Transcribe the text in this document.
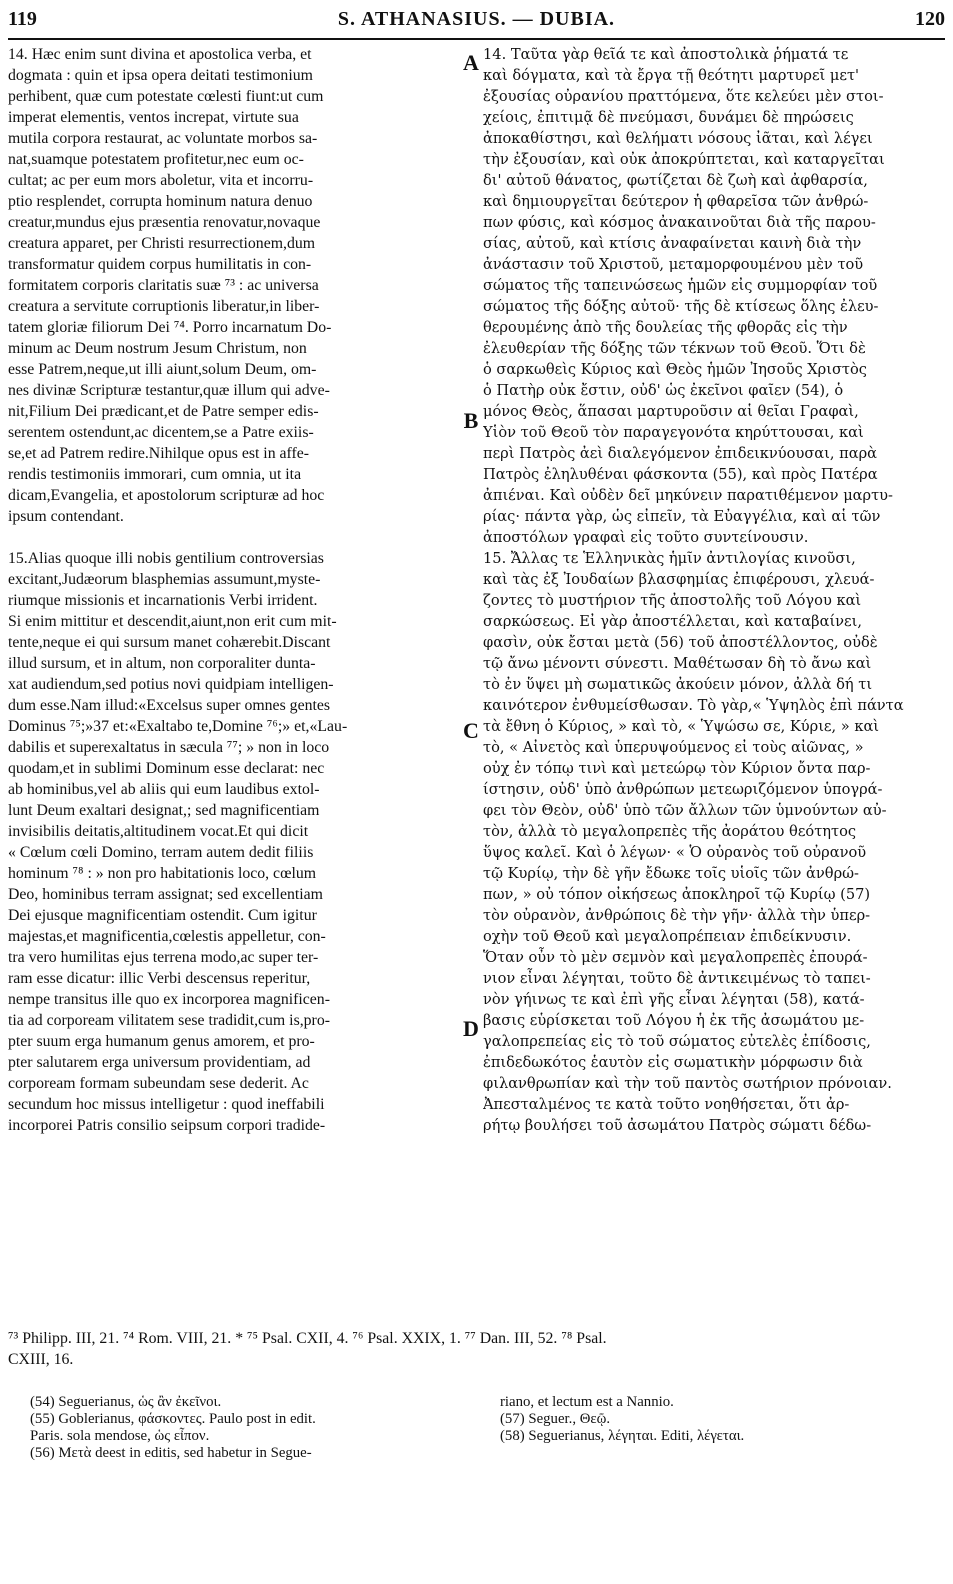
119	S. ATHANASIUS. — DUBIA.	120
14. Hæc enim sunt divina et apostolica verba, et
dogmata : quin et ipsa opera deitati testimonium
perhibent, quæ cum potestate cœlesti fiunt:ut cum
imperat elementis, ventos increpat, virtute sua
mutila corpora restaurat, ac voluntate morbos sa-
nat,suamque potestatem profitetur,nec eum oc-
cultat; ac per eum mors aboletur, vita et incorru-
ptio resplendet, corrupta hominum natura denuo
creatur,mundus ejus præsentia renovatur,novaque
creatura apparet, per Christi resurrectionem,dum
transformatur quidem corpus humilitatis in con-
formitatem corporis claritatis suæ ⁷³ : ac universa
creatura a servitute corruptionis liberatur,in liber-
tatem gloriæ filiorum Dei ⁷⁴. Porro incarnatum Do-
minum ac Deum nostrum Jesum Christum, non
esse Patrem,neque,ut illi aiunt,solum Deum, om-
nes divinæ Scripturæ testantur,quæ illum qui adve-
nit,Filium Dei prædicant,et de Patre semper edis-
serentem ostendunt,ac dicentem,se a Patre exiis-
se,et ad Patrem redire.Nihilque opus est in affe-
rendis testimoniis immorari, cum omnia, ut ita
dicam,Evangelia, et apostolorum scripturæ ad hoc
ipsum contendant.
15.Alias quoque illi nobis gentilium controversias
excitant,Judæorum blasphemias assumunt,myste-
riumque missionis et incarnationis Verbi irrident.
Si enim mittitur et descendit,aiunt,non erit cum mit-
tente,neque ei qui sursum manet cohærebit.Discant
illud sursum, et in altum, non corporaliter dunta-
xat audiendum,sed potius novi quidpiam intelligen-
dum esse.Nam illud:«Excelsus super omnes gentes
Dominus ⁷⁵;»37 et:«Exaltabo te,Domine ⁷⁶;» et,«Lau-
dabilis et superexaltatus in sæcula ⁷⁷; » non in loco
quodam,et in sublimi Dominum esse declarat: nec
ab hominibus,vel ab aliis qui eum laudibus extol-
lunt Deum exaltari designat,; sed magnificentiam
invisibilis deitatis,altitudinem vocat.Et qui dicit
« Cœlum cœli Domino, terram autem dedit filiis
hominum ⁷⁸ : » non pro habitationis loco, cœlum
Deo, hominibus terram assignat; sed excellentiam
Dei ejusque magnificentiam ostendit. Cum igitur
majestas,et magnificentia,cœlestis appelletur, con-
tra vero humilitas ejus terrena modo,ac super ter-
ram esse dicatur: illic Verbi descensus reperitur,
nempe transitus ille quo ex incorporea magnificen-
tia ad corpoream vilitatem sese tradidit,cum is,pro-
pter suum erga humanum genus amorem, et pro-
pter salutarem erga universum providentiam, ad
corpoream formam subeundam sese dederit. Ac
secundum hoc missus intelligetur : quod ineffabili
incorporei Patris consilio seipsum corpori tradide-
14. Ταῦτα γὰρ θεῖά τε καὶ ἀποστολικὰ ῥήματά τε
καὶ δόγματα, καὶ τὰ ἔργα τῇ θεότητι μαρτυρεῖ μετ'
ἐξουσίας οὐρανίου πραττόμενα, ὅτε κελεύει μὲν στοι-
χείοις, ἐπιτιμᾷ δὲ πνεύμασι, δυνάμει δὲ πηρώσεις
ἀποκαθίστησι, καὶ θελήματι νόσους ἰᾶται, καὶ λέγει
τὴν ἐξουσίαν, καὶ οὐκ ἀποκρύπτεται, καὶ καταργεῖται
δι' αὐτοῦ θάνατος, φωτίζεται δὲ ζωὴ καὶ ἀφθαρσία,
καὶ δημιουργεῖται δεύτερον ἡ φθαρεῖσα τῶν ἀνθρώ-
πων φύσις, καὶ κόσμος ἀνακαινοῦται διὰ τῆς παρου-
σίας, αὐτοῦ, καὶ κτίσις ἀναφαίνεται καινὴ διὰ τὴν
ἀνάστασιν τοῦ Χριστοῦ, μεταμορφουμένου μὲν τοῦ
σώματος τῆς ταπεινώσεως ἡμῶν εἰς συμμορφίαν τοῦ
σώματος τῆς δόξης αὐτοῦ· τῆς δὲ κτίσεως ὅλης ἐλευ-
θερουμένης ἀπὸ τῆς δουλείας τῆς φθορᾶς εἰς τὴν
ἐλευθερίαν τῆς δόξης τῶν τέκνων τοῦ Θεοῦ. Ὅτι δὲ
ὁ σαρκωθεὶς Κύριος καὶ Θεὸς ἡμῶν Ἰησοῦς Χριστὸς
ὁ Πατὴρ οὐκ ἔστιν, οὐδ' ὡς ἐκεῖνοι φαῖεν (54), ὁ
μόνος Θεὸς, ἅπασαι μαρτυροῦσιν αἱ θεῖαι Γραφαὶ,
Υἱὸν τοῦ Θεοῦ τὸν παραγεγονότα κηρύττουσαι, καὶ
περὶ Πατρὸς ἀεὶ διαλεγόμενον ἐπιδεικνύουσαι, παρὰ
Πατρὸς ἐληλυθέναι φάσκοντα (55), καὶ πρὸς Πατέρα
ἀπιέναι. Καὶ οὐδὲν δεῖ μηκύνειν παρατιθέμενον μαρτυ-
ρίας· πάντα γὰρ, ὡς εἰπεῖν, τὰ Εὐαγγέλια, καὶ αἱ τῶν
ἀποστόλων γραφαὶ εἰς τοῦτο συντείνουσιν.
15. Ἄλλας τε Ἑλληνικὰς ἡμῖν ἀντιλογίας κινοῦσι,
καὶ τὰς ἐξ Ἰουδαίων βλασφημίας ἐπιφέρουσι, χλευά-
ζοντες τὸ μυστήριον τῆς ἀποστολῆς τοῦ Λόγου καὶ
σαρκώσεως. Εἰ γὰρ ἀποστέλλεται, καὶ καταβαίνει,
φασὶν, οὐκ ἔσται μετὰ (56) τοῦ ἀποστέλλοντος, οὐδὲ
τῷ ἄνω μένοντι σύνεστι. Μαθέτωσαν δὴ τὸ ἄνω καὶ
τὸ ἐν ὕψει μὴ σωματικῶς ἀκούειν μόνον, ἀλλὰ δή τι
καινότερον ἐνθυμείσθωσαν. Τὸ γὰρ,« Ὑψηλὸς ἐπὶ πάντα
τὰ ἔθνη ὁ Κύριος, » καὶ τὸ, « Ὑψώσω σε, Κύριε, » καὶ
τὸ, « Αἰνετὸς καὶ ὑπερυψούμενος εἰ τοὺς αἰῶνας, »
οὐχ ἐν τόπῳ τινὶ καὶ μετεώρῳ τὸν Κύριον ὄντα παρ-
ίστησιν, οὐδ' ὑπὸ ἀνθρώπων μετεωριζόμενον ὑπογρά-
φει τὸν Θεὸν, οὐδ' ὑπὸ τῶν ἄλλων τῶν ὑμνούντων αὐ-
τὸν, ἀλλὰ τὸ μεγαλοπρεπὲς τῆς ἀοράτου θεότητος
ὕψος καλεῖ. Καὶ ὁ λέγων· « Ὁ οὐρανὸς τοῦ οὐρανοῦ
τῷ Κυρίῳ, τὴν δὲ γῆν ἔδωκε τοῖς υἱοῖς τῶν ἀνθρώ-
πων, » οὐ τόπον οἰκήσεως ἀποκληροῖ τῷ Κυρίῳ (57)
τὸν οὐρανὸν, ἀνθρώποις δὲ τὴν γῆν· ἀλλὰ τὴν ὑπερ-
οχὴν τοῦ Θεοῦ καὶ μεγαλοπρέπειαν ἐπιδείκνυσιν.
Ὅταν οὖν τὸ μὲν σεμνὸν καὶ μεγαλοπρεπὲς ἐπουρά-
νιον εἶναι λέγηται, τοῦτο δὲ ἀντικειμένως τὸ ταπει-
νὸν γήινως τε καὶ ἐπὶ γῆς εἶναι λέγηται (58), κατά-
βασις εὑρίσκεται τοῦ Λόγου ἡ ἐκ τῆς ἀσωμάτου με-
γαλοπρεπείας εἰς τὸ τοῦ σώματος εὐτελὲς ἐπίδοσις,
ἐπιδεδωκότος ἑαυτὸν εἰς σωματικὴν μόρφωσιν διὰ
φιλανθρωπίαν καὶ τὴν τοῦ παντὸς σωτήριον πρόνοιαν.
Ἀπεσταλμένος τε κατὰ τοῦτο νοηθήσεται, ὅτι ἀρ-
ρήτῳ βουλήσει τοῦ ἀσωμάτου Πατρὸς σώματι δέδω-
A
B
C
D
⁷³ Philipp. III, 21. ⁷⁴ Rom. VIII, 21. * ⁷⁵ Psal. CXII, 4. ⁷⁶ Psal. XXIX, 1. ⁷⁷ Dan. III, 52. ⁷⁸ Psal.
CXIII, 16.
(54) Seguerianus, ὡς ἂν ἐκεῖνοι.
(55) Goblerianus, φάσκοντες. Paulo post in edit.
Paris. sola mendose, ὡς εἶπον.
(56) Μετὰ deest in editis, sed habetur in Segue-
riano, et lectum est a Nannio.
(57) Seguer., Θεῷ.
(58) Seguerianus, λέγηται. Editi, λέγεται.
